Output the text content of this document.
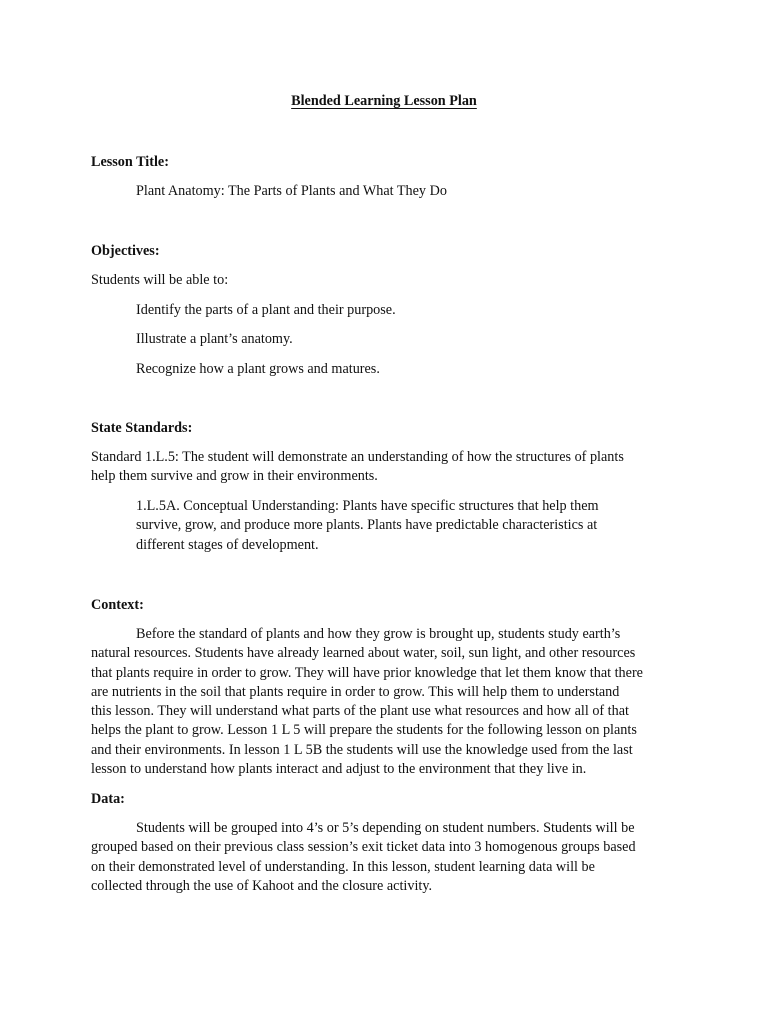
Blended Learning Lesson Plan
Lesson Title:
Plant Anatomy: The Parts of Plants and What They Do
Objectives:
Students will be able to:
Identify the parts of a plant and their purpose.
Illustrate a plant’s anatomy.
Recognize how a plant grows and matures.
State Standards:
Standard 1.L.5: The student will demonstrate an understanding of how the structures of plants
help them survive and grow in their environments.
1.L.5A. Conceptual Understanding: Plants have specific structures that help them
survive, grow, and produce more plants. Plants have predictable characteristics at
different stages of development.
Context:
Before the standard of plants and how they grow is brought up, students study earth’s
natural resources. Students have already learned about water, soil, sun light, and other resources
that plants require in order to grow. They will have prior knowledge that let them know that there
are nutrients in the soil that plants require in order to grow. This will help them to understand
this lesson. They will understand what parts of the plant use what resources and how all of that
helps the plant to grow. Lesson 1 L 5 will prepare the students for the following lesson on plants
and their environments. In lesson 1 L 5B the students will use the knowledge used from the last
lesson to understand how plants interact and adjust to the environment that they live in.
Data:
Students will be grouped into 4’s or 5’s depending on student numbers. Students will be
grouped based on their previous class session’s exit ticket data into 3 homogenous groups based
on their demonstrated level of understanding. In this lesson, student learning data will be
collected through the use of Kahoot and the closure activity.
